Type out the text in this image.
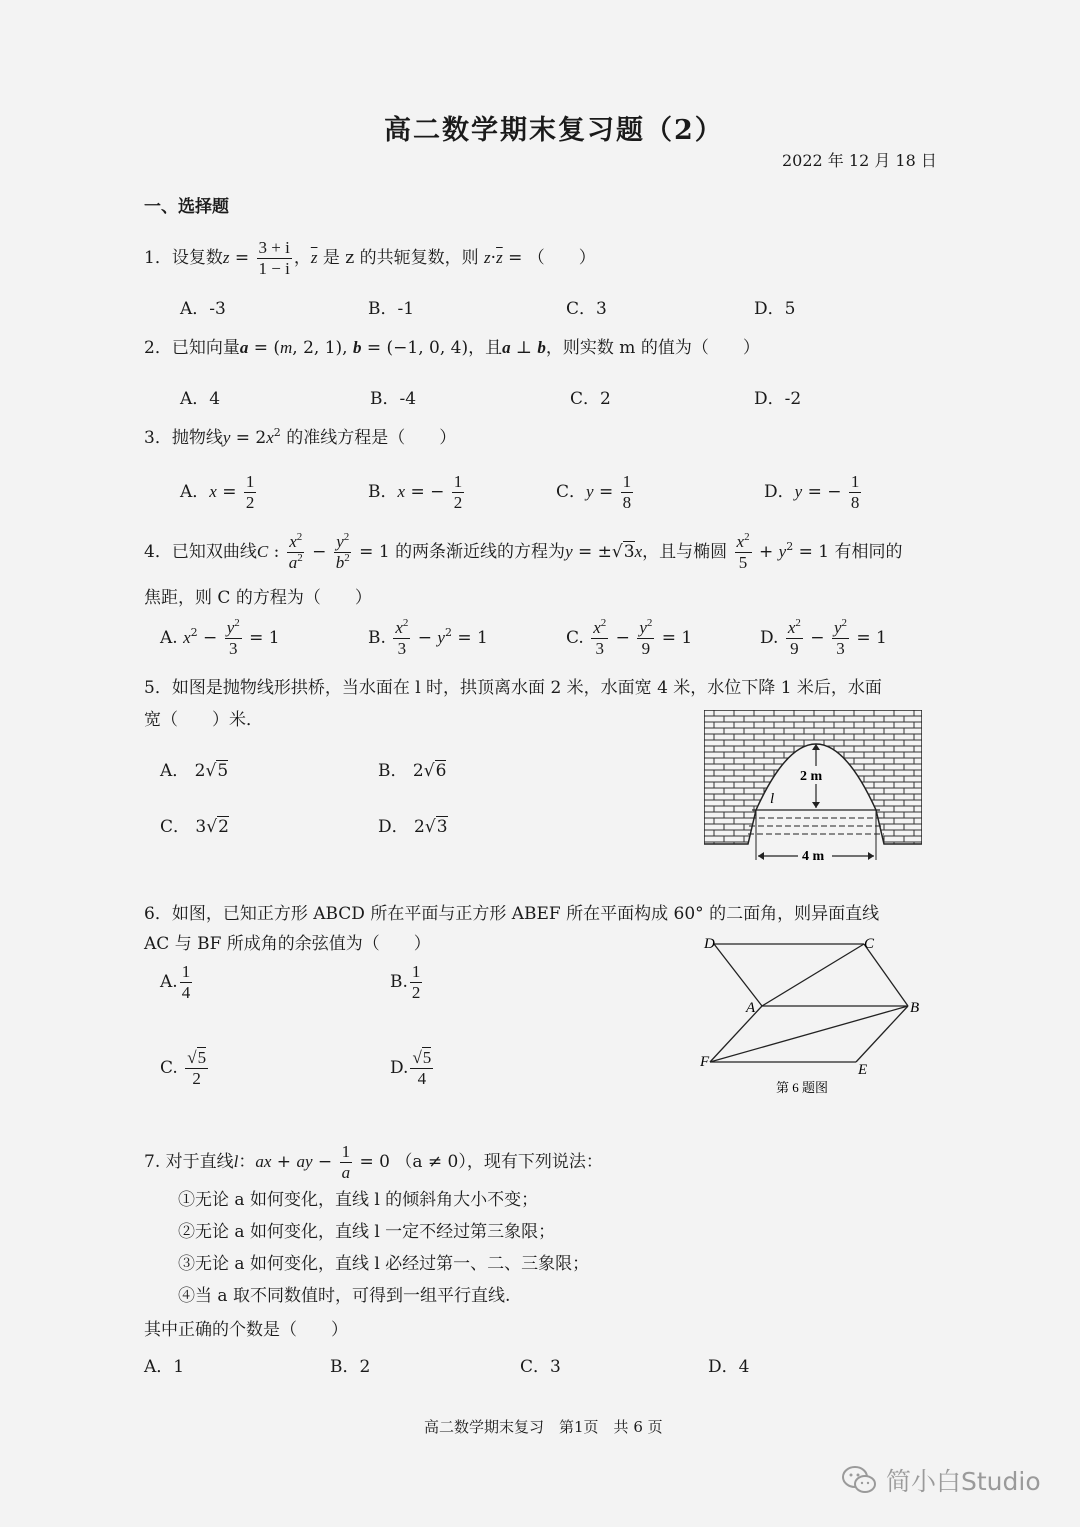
高二数学期末复习题（2）
2022 年 12 月 18 日
一、选择题
1．设复数$z = \frac{3 + i}{1 - i}$ ，$\overline{z}$ 是 z 的共轭复数，则 $z\cdot\overline{z}$ = （　　）
A．-3	B．-1	C．3	D．5
2．已知向量a = (m, 2, 1), b = (−1, 0, 4)，且a ⊥ b，则实数 m 的值为（　　）
A．4	B．-4	C．2	D．-2
3．抛物线$y = 2x^2$ 的准线方程是（　　）
A．$x = \frac{1}{2}$	B．x = − $\frac{1}{2}$	C．$y = \frac{1}{8}$	D．y = − $\frac{1}{8}$
4．已知双曲线C : $\frac{x^2}{a^2} - \frac{y^2}{b^2} = 1$ 的两条渐近线的方程为y = ±√3x，且与椭圆 $\frac{x^2}{5} + y^2 = 1$ 有相同的
焦距，则 C 的方程为（　　）
A. $x^2 - \frac{y^2}{3} = 1$	B. $\frac{x^2}{3} - y^2 = 1$	C. $\frac{x^2}{3} - \frac{y^2}{9} = 1$	D. $\frac{x^2}{9} - \frac{y^2}{3} = 1$
5．如图是抛物线形拱桥，当水面在 l 时，拱顶离水面 2 米，水面宽 4 米，水位下降 1 米后，水面
宽（　　）米．
A． 2√5	B． 2√6
C． 3√2	D． 2√3
2 m
l
4 m
6．如图，已知正方形 ABCD 所在平面与正方形 ABEF 所在平面构成 60° 的二面角，则异面直线
AC 与 BF 所成角的余弦值为（　　）
A. $\frac{1}{4}$	B. $\frac{1}{2}$
C. $\frac{√5}{2}$	D. $\frac{√5}{4}$
D	C
A	B
F	E
第 6 题图
7. 对于直线l：ax + ay − $\frac{1}{a} = 0$ （a ≠ 0），现有下列说法：
①无论 a 如何变化，直线 l 的倾斜角大小不变；
②无论 a 如何变化，直线 l 一定不经过第三象限；
③无论 a 如何变化，直线 l 必经过第一、二、三象限；
④当 a 取不同数值时，可得到一组平行直线.
其中正确的个数是（　　）
A．1	B．2	C．3	D．4
高二数学期末复习　第1页　共 6 页
简小白Studio
